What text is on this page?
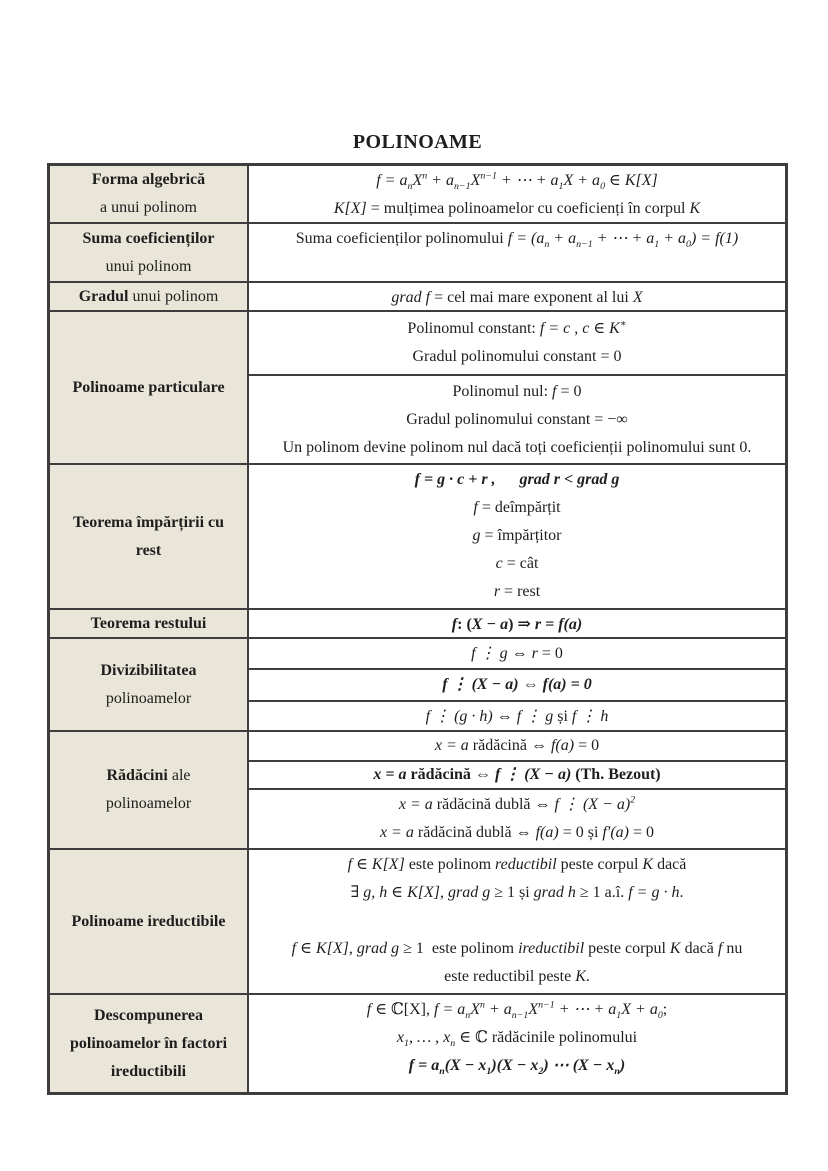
POLINOAME
Forma algebrică
a unui polinom
$f = a_nX^n + a_{n-1}X^{n-1}$ + ⋯ + $a_1X + a_0$ ∈ K[X]
K[X] = mulțimea polinoamelor cu coeficienți în corpul K
Suma coeficienților
unui polinom
Suma coeficienților polinomului $f = (a_n + a_{n-1}$ + ⋯ + $a_1 + a_0) = f(1)$
Gradul unui polinom	grad f = cel mai mare exponent al lui X
Polinoame particulare
Polinomul constant: f = c , c ∈ K∗
Gradul polinomului constant = 0
Polinomul nul: f = 0
Gradul polinomului constant = −∞
Un polinom devine polinom nul dacă toți coeficienții polinomului sunt 0.
Teorema împărțirii cu
rest
f = g · c + r , grad r < grad g
f = deîmpărțit
g = împărțitor
c = cât
r = rest
Teorema restului	f: (X − a) ⇒ r = f(a)
Divizibilitatea
polinoamelor
f ⋮ g ⇔ r = 0
f ⋮ (X − a) ⇔ f(a) = 0
f ⋮ (g · h) ⇔ f ⋮ g și f ⋮ h
Rădăcini ale
polinoamelor
x = a rădăcină ⇔ f(a) = 0
x = a rădăcină ⇔ f ⋮ (X − a) (Th. Bezout)
x = a rădăcină dublă ⇔ f ⋮ $(X - a)^2$
x = a rădăcină dublă ⇔ f(a) = 0 și f′(a) = 0
Polinoame ireductibile
f ∈ K[X] este polinom reductibil peste corpul K dacă
∃ g, h ∈ K[X], grad g ≥ 1 și grad h ≥ 1 a.î. f = g · h.
f ∈ K[X], grad g ≥ 1  este polinom ireductibil peste corpul K dacă f nu
este reductibil peste K.
Descompunerea
polinoamelor în factori
ireductibili
f ∈ ℂ[X], $f = a_nX^n + a_{n-1}X^{n-1}$ + ⋯ + $a_1X + a_0$;
$x_1$, … , $x_n$ ∈ ℂ rădăcinile polinomului
$f = a_n(X - x_1)(X - x_2)$ ⋯ $(X - x_n)$
